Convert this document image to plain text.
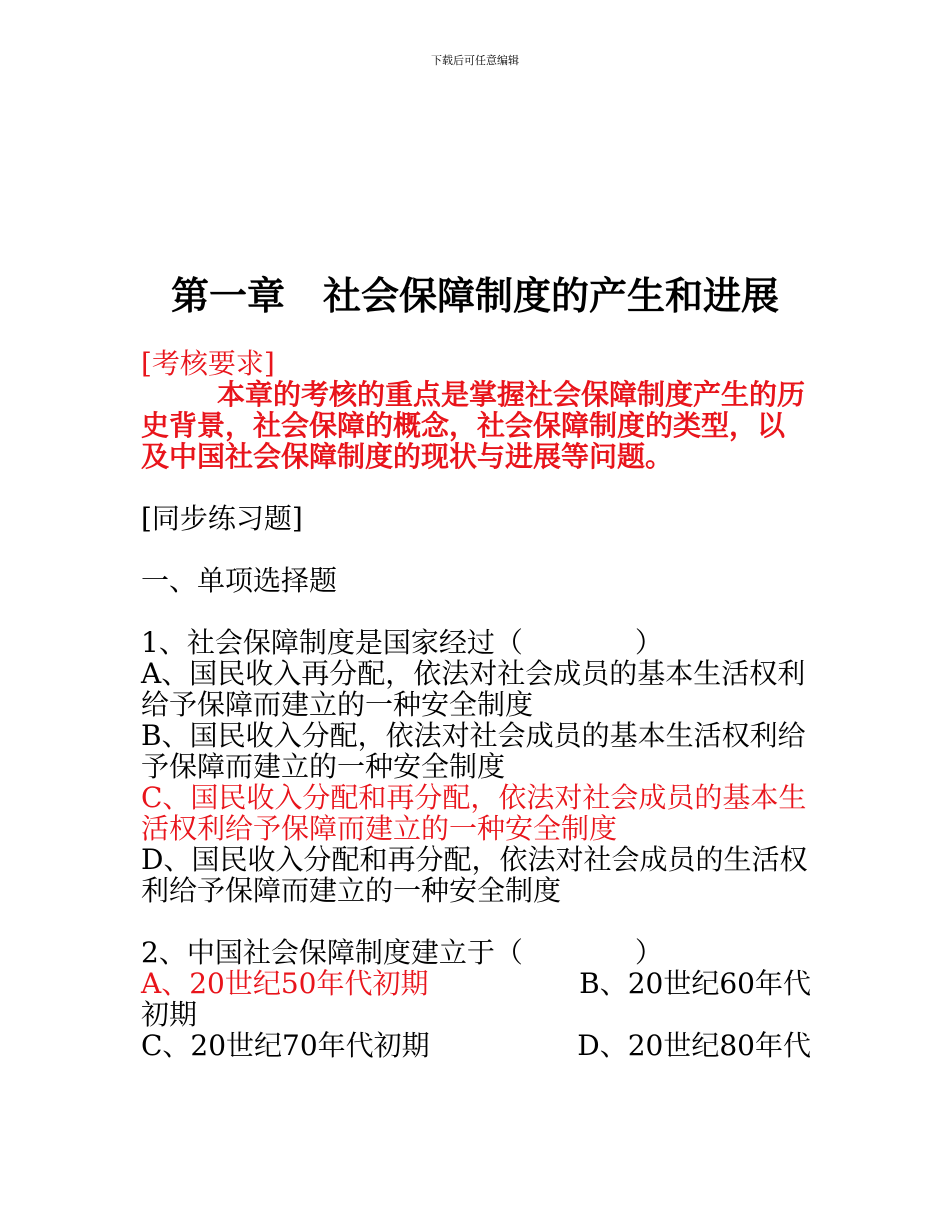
下载后可任意编辑
第一章　社会保障制度的产生和进展
[考核要求]
本章的考核的重点是掌握社会保障制度产生的历史背景，社会保障的概念，社会保障制度的类型，以及中国社会保障制度的现状与进展等问题。
[同步练习题]
一、单项选择题
1、社会保障制度是国家经过（　　　　）
A、国民收入再分配，依法对社会成员的基本生活权利给予保障而建立的一种安全制度
B、国民收入分配，依法对社会成员的基本生活权利给予保障而建立的一种安全制度
C、国民收入分配和再分配，依法对社会成员的基本生活权利给予保障而建立的一种安全制度
D、国民收入分配和再分配，依法对社会成员的生活权利给予保障而建立的一种安全制度
2、中国社会保障制度建立于（　　　　）
A、20世纪50年代初期	B、20世纪60年代
初期
C、20世纪70年代初期	D、20世纪80年代
